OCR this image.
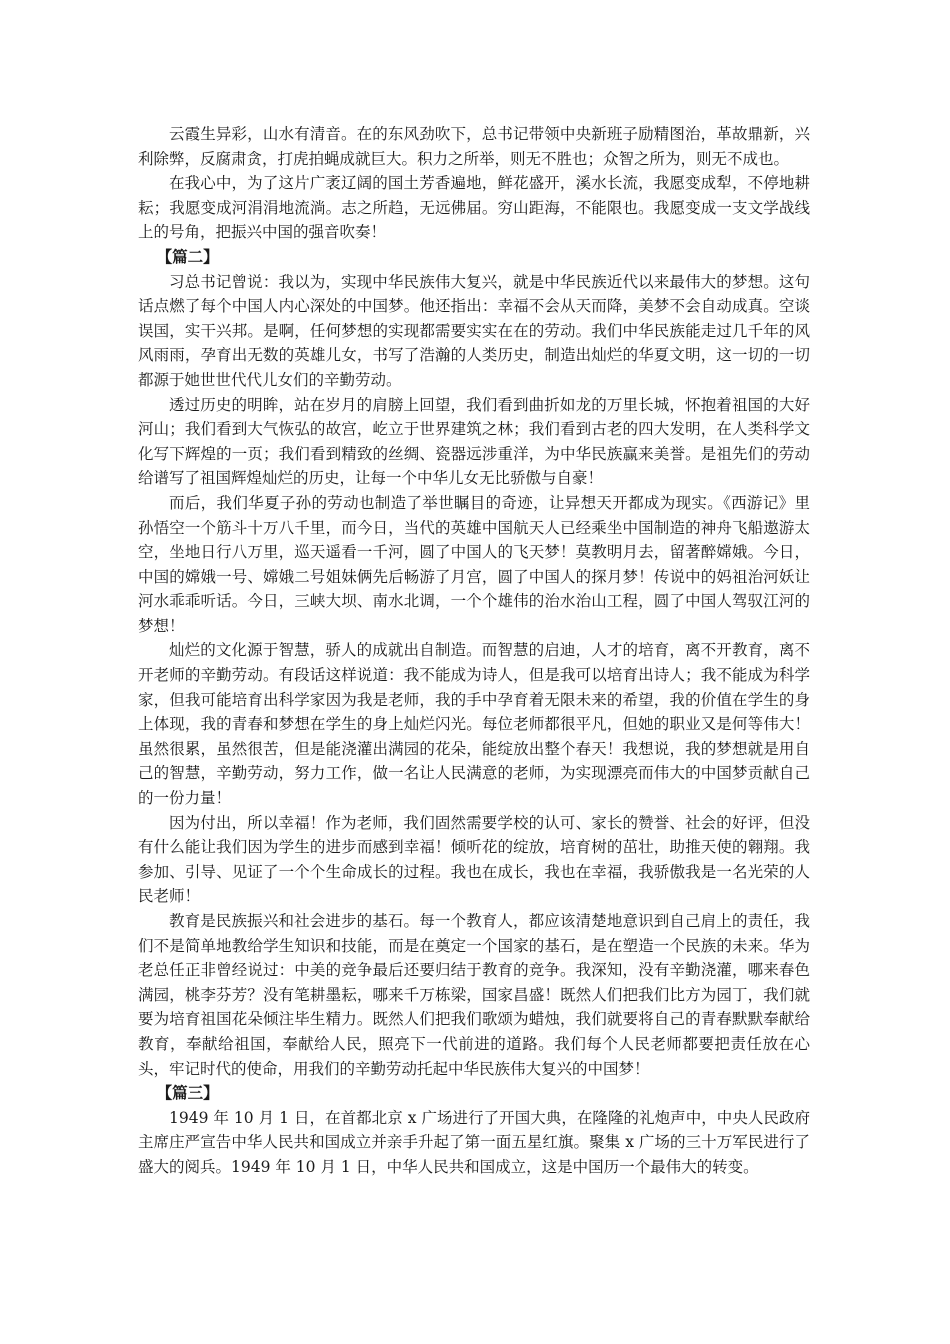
云霞生异彩，山水有清音。在的东风劲吹下，总书记带领中央新班子励精图治，革故鼎新，兴利除弊，反腐肃贪，打虎拍蝇成就巨大。积力之所举，则无不胜也；众智之所为，则无不成也。

在我心中，为了这片广袤辽阔的国土芳香遍地，鲜花盛开，溪水长流，我愿变成犁，不停地耕耘；我愿变成河涓涓地流淌。志之所趋，无远佛届。穷山距海，不能限也。我愿变成一支文学战线上的号角，把振兴中国的强音吹奏！

【篇二】

习总书记曾说：我以为，实现中华民族伟大复兴，就是中华民族近代以来最伟大的梦想。这句话点燃了每个中国人内心深处的中国梦。他还指出：幸福不会从天而降，美梦不会自动成真。空谈误国，实干兴邦。是啊，任何梦想的实现都需要实实在在的劳动。我们中华民族能走过几千年的风风雨雨，孕育出无数的英雄儿女，书写了浩瀚的人类历史，制造出灿烂的华夏文明，这一切的一切都源于她世世代代儿女们的辛勤劳动。

透过历史的明眸，站在岁月的肩膀上回望，我们看到曲折如龙的万里长城，怀抱着祖国的大好河山；我们看到大气恢弘的故宫，屹立于世界建筑之林；我们看到古老的四大发明，在人类科学文化写下辉煌的一页；我们看到精致的丝绸、瓷器远涉重洋，为中华民族赢来美誉。是祖先们的劳动给谱写了祖国辉煌灿烂的历史，让每一个中华儿女无比骄傲与自豪！

而后，我们华夏子孙的劳动也制造了举世瞩目的奇迹，让异想天开都成为现实。《西游记》里孙悟空一个筋斗十万八千里，而今日，当代的英雄中国航天人已经乘坐中国制造的神舟飞船遨游太空，坐地日行八万里，巡天遥看一千河，圆了中国人的飞天梦！莫教明月去，留著醉嫦娥。今日，中国的嫦娥一号、嫦娥二号姐妹俩先后畅游了月宫，圆了中国人的探月梦！传说中的妈祖治河妖让河水乖乖听话。今日，三峡大坝、南水北调，一个个雄伟的治水治山工程，圆了中国人驾驭江河的梦想！

灿烂的文化源于智慧，骄人的成就出自制造。而智慧的启迪，人才的培育，离不开教育，离不开老师的辛勤劳动。有段话这样说道：我不能成为诗人，但是我可以培育出诗人；我不能成为科学家，但我可能培育出科学家因为我是老师，我的手中孕育着无限未来的希望，我的价值在学生的身上体现，我的青春和梦想在学生的身上灿烂闪光。每位老师都很平凡，但她的职业又是何等伟大！虽然很累，虽然很苦，但是能浇灌出满园的花朵，能绽放出整个春天！我想说，我的梦想就是用自己的智慧，辛勤劳动，努力工作，做一名让人民满意的老师，为实现漂亮而伟大的中国梦贡献自己的一份力量！

因为付出，所以幸福！作为老师，我们固然需要学校的认可、家长的赞誉、社会的好评，但没有什么能让我们因为学生的进步而感到幸福！倾听花的绽放，培育树的茁壮，助推天使的翱翔。我参加、引导、见证了一个个生命成长的过程。我也在成长，我也在幸福，我骄傲我是一名光荣的人民老师！

教育是民族振兴和社会进步的基石。每一个教育人，都应该清楚地意识到自己肩上的责任，我们不是简单地教给学生知识和技能，而是在奠定一个国家的基石，是在塑造一个民族的未来。华为老总任正非曾经说过：中美的竞争最后还要归结于教育的竞争。我深知，没有辛勤浇灌，哪来春色满园，桃李芬芳？没有笔耕墨耘，哪来千万栋梁，国家昌盛！既然人们把我们比方为园丁，我们就要为培育祖国花朵倾注毕生精力。既然人们把我们歌颂为蜡烛，我们就要将自己的青春默默奉献给教育，奉献给祖国，奉献给人民，照亮下一代前进的道路。我们每个人民老师都要把责任放在心头，牢记时代的使命，用我们的辛勤劳动托起中华民族伟大复兴的中国梦！

【篇三】

1949 年 10 月 1 日，在首都北京 x 广场进行了开国大典，在隆隆的礼炮声中，中央人民政府主席庄严宣告中华人民共和国成立并亲手升起了第一面五星红旗。聚集 x 广场的三十万军民进行了盛大的阅兵。1949 年 10 月 1 日，中华人民共和国成立，这是中国历一个最伟大的转变。
